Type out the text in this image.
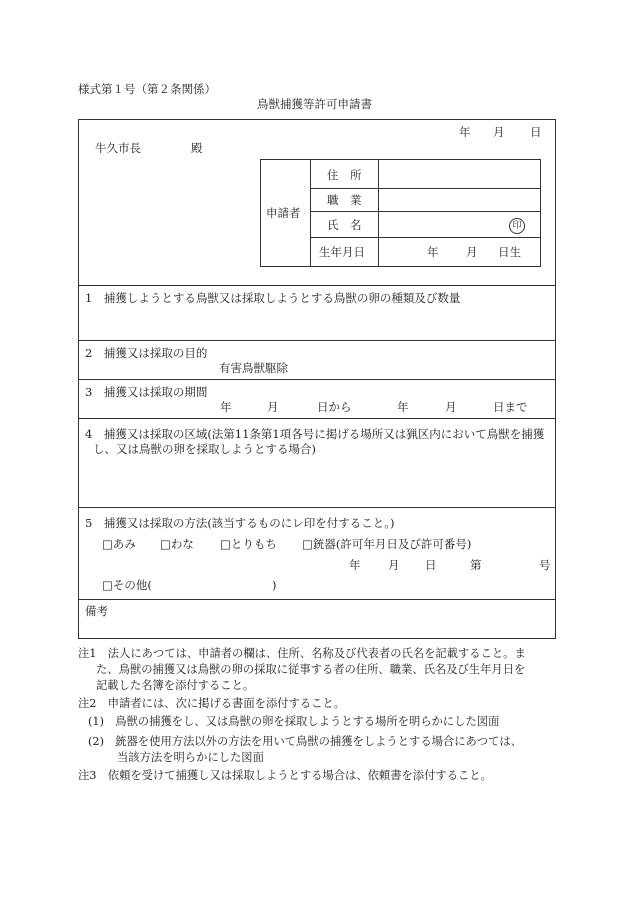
様式第１号（第２条関係）
鳥獣捕獲等許可申請書
年 月 日
牛久市長	殿
申請者
住　所
職　業
氏　名	印
生年月日	年 月 日生
1　捕獲しようとする鳥獣又は採取しようとする鳥獣の卵の種類及び数量
2　捕獲又は採取の目的
有害鳥獣駆除
3　捕獲又は採取の期間
年	月	日から	年	月	日まで
4　捕獲又は採取の区域(法第11条第1項各号に掲げる場所又は猟区内において鳥獣を捕獲
し、又は鳥獣の卵を採取しようとする場合)
5　捕獲又は採取の方法(該当するものにレ印を付すること。)
□あみ □わな □とりもち □銃器(許可年月日及び許可番号)
年 月 日	第	号
□その他(	)
備考
注1　法人にあつては、申請者の欄は、住所、名称及び代表者の氏名を記載すること。ま
た、鳥獣の捕獲又は鳥獣の卵の採取に従事する者の住所、職業、氏名及び生年月日を
記載した名簿を添付すること。
注2　申請者には、次に掲げる書面を添付すること。
(1)　鳥獣の捕獲をし、又は鳥獣の卵を採取しようとする場所を明らかにした図面
(2)　銃器を使用方法以外の方法を用いて鳥獣の捕獲をしようとする場合にあつては、
当該方法を明らかにした図面
注3　依頼を受けて捕獲し又は採取しようとする場合は、依頼書を添付すること。
